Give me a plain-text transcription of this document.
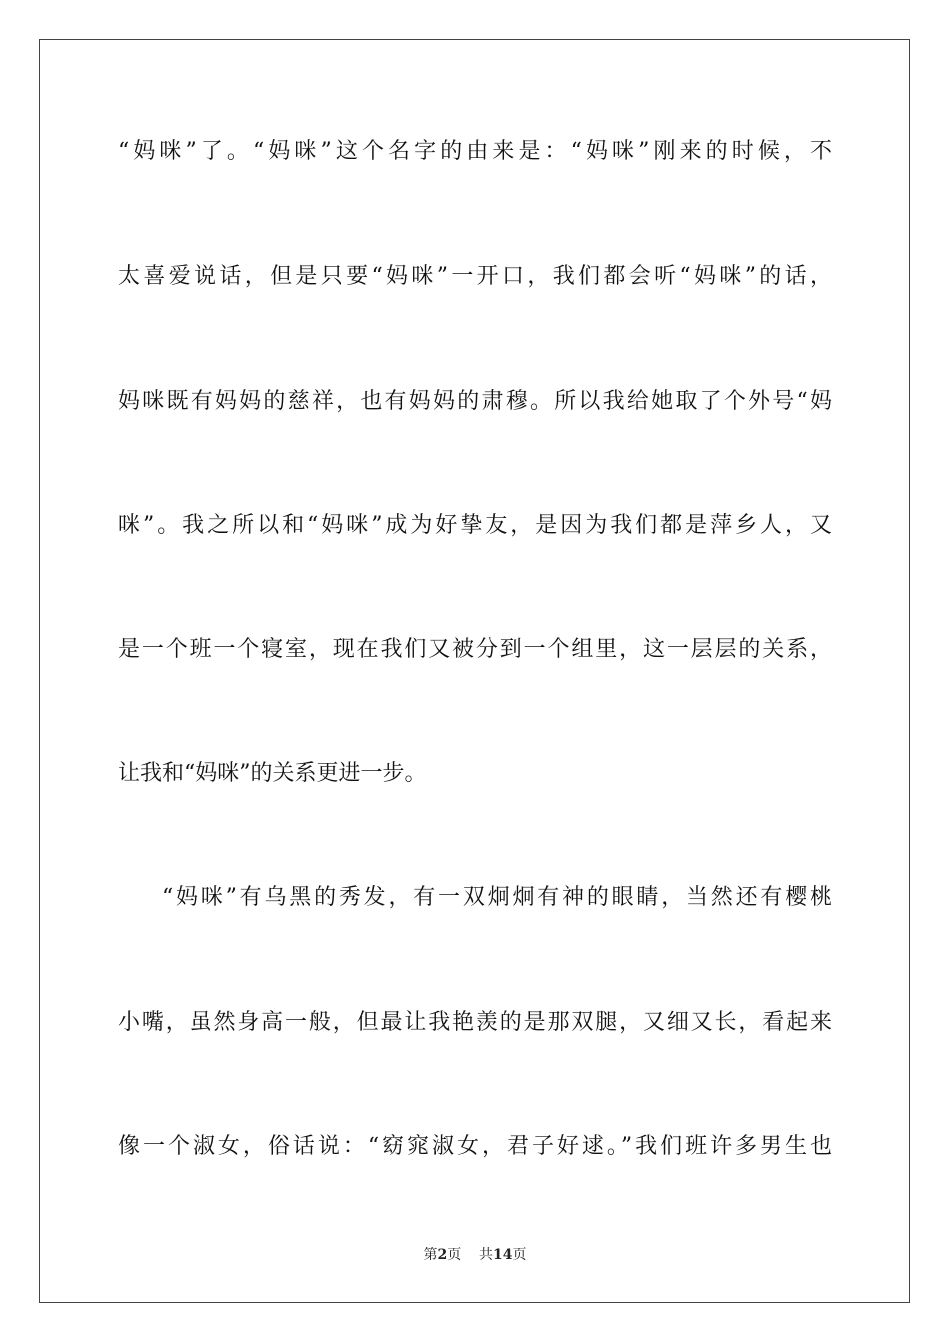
“妈咪”了。“妈咪”这个名字的由来是：“妈咪”刚来的时候，不
太喜爱说话，但是只要“妈咪”一开口，我们都会听“妈咪”的话，
妈咪既有妈妈的慈祥，也有妈妈的肃穆。所以我给她取了个外号“妈
咪”。我之所以和“妈咪”成为好挚友，是因为我们都是萍乡人，又
是一个班一个寝室，现在我们又被分到一个组里，这一层层的关系，
让我和“妈咪”的关系更进一步。
“妈咪”有乌黑的秀发，有一双炯炯有神的眼睛，当然还有樱桃
小嘴，虽然身高一般，但最让我艳羡的是那双腿，又细又长，看起来
像一个淑女，俗话说：“窈窕淑女，君子好逑。”我们班许多男生也
第2页    共14页
